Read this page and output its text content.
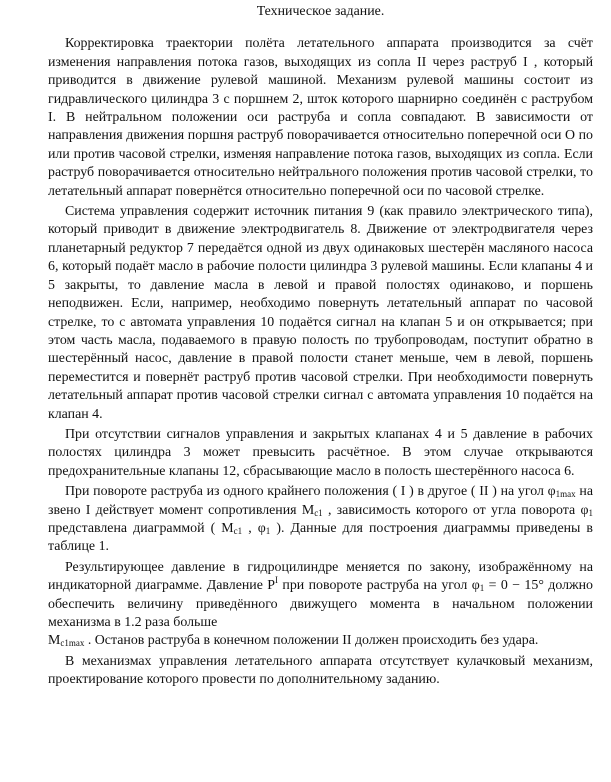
Техническое задание.

Корректировка траектории полёта летательного аппарата производится за счёт изменения направления потока газов, выходящих из сопла II через раструб I , который приводится в движение рулевой машиной. Механизм рулевой машины состоит из гидравлического цилиндра 3 с поршнем 2, шток которого шарнирно соединён с раструбом I. В нейтральном положении оси раструба и сопла совпадают. В зависимости от направления движения поршня раструб поворачивается относительно поперечной оси O по или против часовой стрелки, изменяя направление потока газов, выходящих из сопла. Если раструб поворачивается относительно нейтрального положения против часовой стрелки, то летательный аппарат повернётся относительно поперечной оси по часовой стрелке.

Система управления содержит источник питания 9 (как правило электрического типа), который приводит в движение электродвигатель 8. Движение от электродвигателя через планетарный редуктор 7 передаётся одной из двух одинаковых шестерён масляного насоса 6, который подаёт масло в рабочие полости цилиндра 3 рулевой машины. Если клапаны 4 и 5 закрыты, то давление масла в левой и правой полостях одинаково, и поршень неподвижен. Если, например, необходимо повернуть летательный аппарат по часовой стрелке, то с автомата управления 10 подаётся сигнал на клапан 5 и он открывается; при этом часть масла, подаваемого в правую полость по трубопроводам, поступит обратно в шестерённый насос, давление в правой полости станет меньше, чем в левой, поршень переместится и повернёт раструб против часовой стрелки. При необходимости повернуть летательный аппарат против часовой стрелки сигнал с автомата управления 10 подаётся на клапан 4.

При отсутствии сигналов управления и закрытых клапанах 4 и 5 давление в рабочих полостях цилиндра 3 может превысить расчётное. В этом случае открываются предохранительные клапаны 12, сбрасывающие масло в полость шестерённого насоса 6.

При повороте раструба из одного крайнего положения ( I ) в другое ( II ) на угол $\varphi_{1max}$ на звено I действует момент сопротивления $M_{c1}$ , зависимость которого от угла поворота $\varphi_1$ представлена диаграммой ( $M_{c1}$ , $\varphi_1$ ). Данные для построения диаграммы приведены в таблице 1.

Результирующее давление в гидроцилиндре меняется по закону, изображённому на индикаторной диаграмме. Давление $P^I$ при повороте раструба на угол $\varphi_1 = 0 - 15^\circ$ должно обеспечить величину приведённого движущего момента в начальном положении механизма в 1.2 раза больше
$M_{c1max}$ . Останов раструба в конечном положении II должен происходить без удара.

В механизмах управления летательного аппарата отсутствует кулачковый механизм, проектирование которого провести по дополнительному заданию.
